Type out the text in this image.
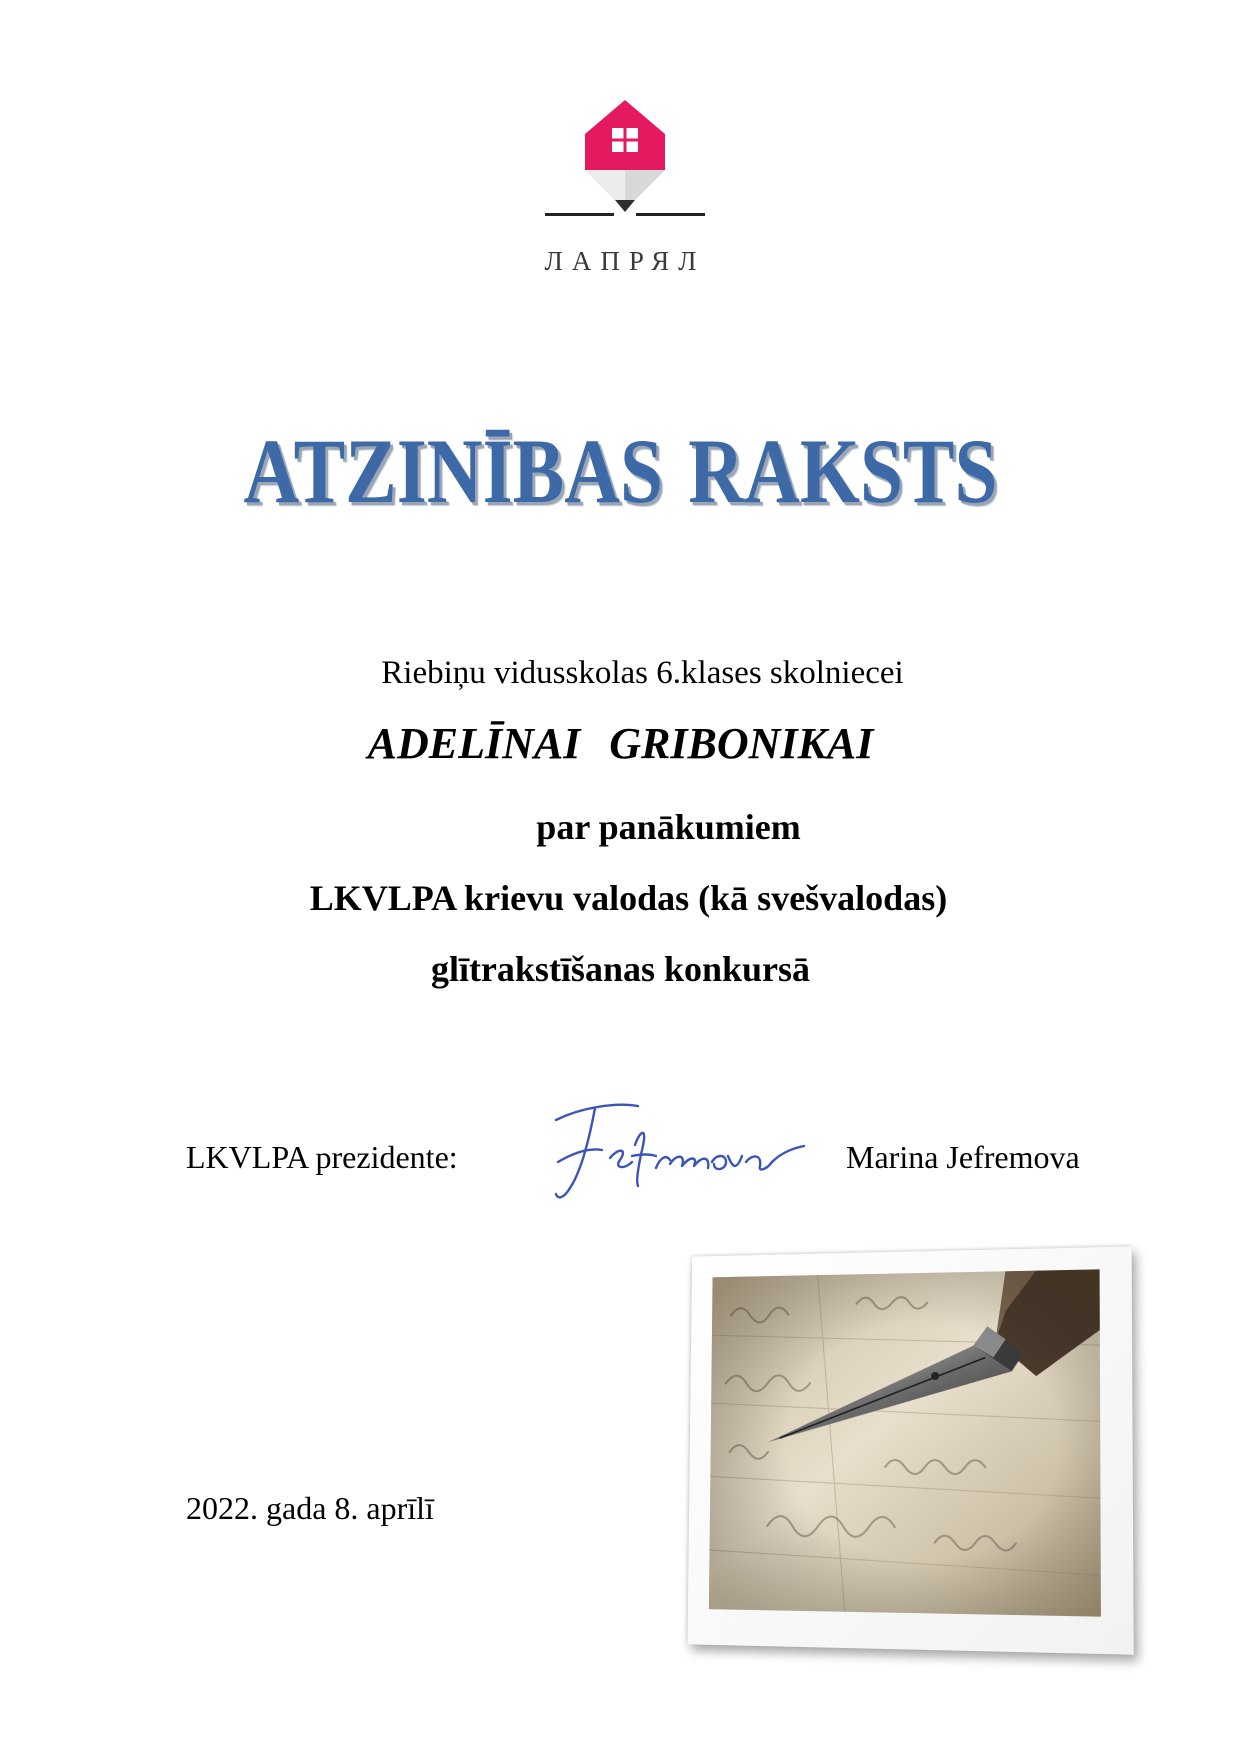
ЛАПРЯЛ
ATZINĪBAS RAKSTS
Riebiņu vidusskolas 6.klases skolniecei
ADELĪNAI GRIBONIKAI
par panākumiem
LKVLPA krievu valodas (kā svešvalodas)
glītrakstīšanas konkursā
LKVLPA prezidente:	Marina Jefremova
2022. gada 8. aprīlī
